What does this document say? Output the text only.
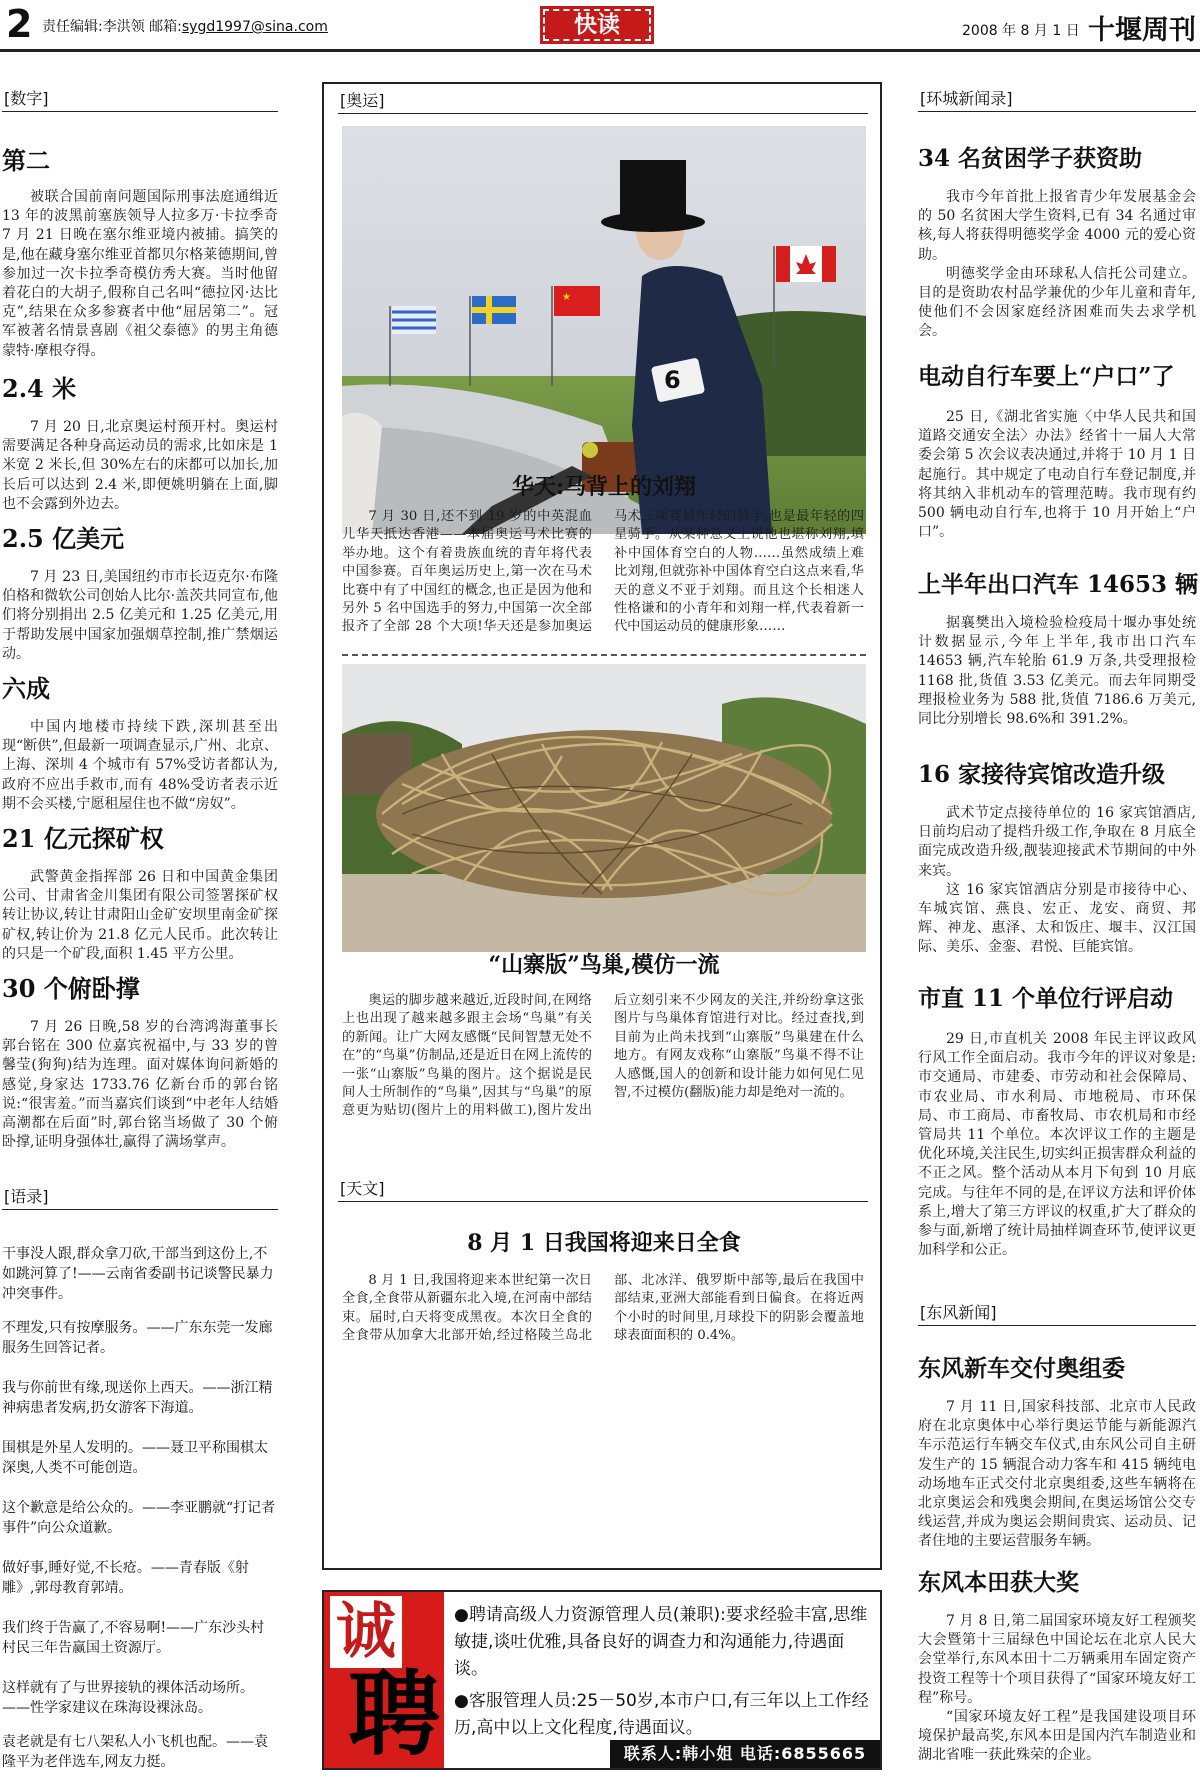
2 责任编辑:李洪领 邮箱:sygd1997@sina.com	快读	2008 年 8 月 1 日 十堰周刊
[数字]
第二
被联合国前南问题国际刑事法庭通缉近 13 年的波黑前塞族领导人拉多万·卡拉季奇 7 月 21 日晚在塞尔维亚境内被捕。搞笑的是,他在藏身塞尔维亚首都贝尔格莱德期间,曾参加过一次卡拉季奇模仿秀大赛。当时他留着花白的大胡子,假称自己名叫“德拉冈·达比克”,结果在众多参赛者中他“屈居第二”。冠军被著名情景喜剧《祖父泰德》的男主角德蒙特·摩根夺得。
2.4 米
7 月 20 日,北京奥运村预开村。奥运村需要满足各种身高运动员的需求,比如床是 1 米宽 2 米长,但 30%左右的床都可以加长,加长后可以达到 2.4 米,即便姚明躺在上面,脚也不会露到外边去。
2.5 亿美元
7 月 23 日,美国纽约市市长迈克尔·布隆伯格和微软公司创始人比尔·盖茨共同宣布,他们将分别捐出 2.5 亿美元和 1.25 亿美元,用于帮助发展中国家加强烟草控制,推广禁烟运动。
六成
中国内地楼市持续下跌,深圳甚至出现“断供”,但最新一项调查显示,广州、北京、上海、深圳 4 个城市有 57%受访者都认为,政府不应出手救市,而有 48%受访者表示近期不会买楼,宁愿租屋住也不做“房奴”。
21 亿元探矿权
武警黄金指挥部 26 日和中国黄金集团公司、甘肃省金川集团有限公司签署探矿权转让协议,转让甘肃阳山金矿安坝里南金矿探矿权,转让价为 21.8 亿元人民币。此次转让的只是一个矿段,面积 1.45 平方公里。
30 个俯卧撑
7 月 26 日晚,58 岁的台湾鸿海董事长郭台铭在 300 位嘉宾祝福中,与 33 岁的曾馨莹(狗狗)结为连理。面对媒体询问新婚的感觉,身家达 1733.76 亿新台币的郭台铭说:“很害羞。”而当嘉宾们谈到“中老年人结婚高潮都在后面”时,郭台铭当场做了 30 个俯卧撑,证明身强体壮,赢得了满场掌声。
[语录]
干事没人跟,群众拿刀砍,干部当到这份上,不如跳河算了!——云南省委副书记谈警民暴力冲突事件。
不理发,只有按摩服务。——广东东莞一发廊服务生回答记者。
我与你前世有缘,现送你上西天。——浙江精神病患者发病,扔女游客下海道。
围棋是外星人发明的。——聂卫平称围棋太深奥,人类不可能创造。
这个歉意是给公众的。——李亚鹏就“打记者事件”向公众道歉。
做好事,睡好觉,不长疮。——青春版《射雕》,郭母教育郭靖。
我们终于告赢了,不容易啊!——广东沙头村村民三年告赢国土资源厅。
这样就有了与世界接轨的裸体活动场所。——性学家建议在珠海设裸泳岛。
袁老就是有七八架私人小飞机也配。——袁隆平为老伴选车,网友力挺。
[奥运]
★
6
华天:马背上的刘翔
7 月 30 日,还不到 19 岁的中英混血儿华天抵达香港——本届奥运马术比赛的举办地。这个有着贵族血统的青年将代表中国参赛。百年奥运历史上,第一次在马术比赛中有了中国红的概念,也正是因为他和另外 5 名中国选手的努力,中国第一次全部报齐了全部 28 个大项!华天还是参加奥运马术三项赛最年轻的骑手,也是最年轻的四星骑手。从某种意义上说他也堪称刘翔,填补中国体育空白的人物……虽然成绩上难比刘翔,但就弥补中国体育空白这点来看,华天的意义不亚于刘翔。而且这个长相迷人性格谦和的小青年和刘翔一样,代表着新一代中国运动员的健康形象……
“山寨版”鸟巢,模仿一流
奥运的脚步越来越近,近段时间,在网络上也出现了越来越多跟主会场“鸟巢”有关的新闻。让广大网友感慨“民间智慧无处不在”的“鸟巢”仿制品,还是近日在网上流传的一张“山寨版”鸟巢的图片。这个据说是民间人士所制作的“鸟巢”,因其与“鸟巢”的原意更为贴切(图片上的用料做工),图片发出后立刻引来不少网友的关注,并纷纷拿这张图片与鸟巢体育馆进行对比。经过查找,到目前为止尚未找到“山寨版”鸟巢建在什么地方。有网友戏称“山寨版”鸟巢不得不让人感慨,国人的创新和设计能力如何见仁见智,不过模仿(翻版)能力却是绝对一流的。
[天文]
8 月 1 日我国将迎来日全食
8 月 1 日,我国将迎来本世纪第一次日全食,全食带从新疆东北入境,在河南中部结束。届时,白天将变成黑夜。本次日全食的全食带从加拿大北部开始,经过格陵兰岛北部、北冰洋、俄罗斯中部等,最后在我国中部结束,亚洲大部能看到日偏食。在将近两个小时的时间里,月球投下的阴影会覆盖地球表面面积的 0.4%。
诚
聘
●聘请高级人力资源管理人员(兼职):要求经验丰富,思维敏捷,谈吐优雅,具备良好的调查力和沟通能力,待遇面谈。
●客服管理人员:25－50岁,本市户口,有三年以上工作经历,高中以上文化程度,待遇面议。
联系人:韩小姐 电话:6855665
[环城新闻录]
34 名贫困学子获资助

我市今年首批上报省青少年发展基金会的 50 名贫困大学生资料,已有 34 名通过审核,每人将获得明德奖学金 4000 元的爱心资助。

明德奖学金由环球私人信托公司建立。目的是资助农村品学兼优的少年儿童和青年,使他们不会因家庭经济困难而失去求学机会。

电动自行车要上“户口”了

25 日,《湖北省实施〈中华人民共和国道路交通安全法〉办法》经省十一届人大常委会第 5 次会议表决通过,并将于 10 月 1 日起施行。其中规定了电动自行车登记制度,并将其纳入非机动车的管理范畴。我市现有约 500 辆电动自行车,也将于 10 月开始上“户口”。

上半年出口汽车 14653 辆

据襄樊出入境检验检疫局十堰办事处统计数据显示,今年上半年,我市出口汽车 14653 辆,汽车轮胎 61.9 万条,共受理报检 1168 批,货值 3.53 亿美元。而去年同期受理报检业务为 588 批,货值 7186.6 万美元,同比分别增长 98.6%和 391.2%。

16 家接待宾馆改造升级

武术节定点接待单位的 16 家宾馆酒店,日前均启动了提档升级工作,争取在 8 月底全面完成改造升级,靓装迎接武术节期间的中外来宾。

这 16 家宾馆酒店分别是市接待中心、车城宾馆、燕良、宏正、龙安、商贸、邦辉、神龙、惠泽、太和饭庄、堰丰、汉江国际、美乐、金銮、君悦、巨能宾馆。

市直 11 个单位行评启动

29 日,市直机关 2008 年民主评议政风行风工作全面启动。我市今年的评议对象是:市交通局、市建委、市劳动和社会保障局、市农业局、市水利局、市地税局、市环保局、市工商局、市畜牧局、市农机局和市经管局共 11 个单位。本次评议工作的主题是优化环境,关注民生,切实纠正损害群众利益的不正之风。整个活动从本月下旬到 10 月底完成。与往年不同的是,在评议方法和评价体系上,增大了第三方评议的权重,扩大了群众的参与面,新增了统计局抽样调查环节,使评议更加科学和公正。

[东风新闻]
东风新车交付奥组委

7 月 11 日,国家科技部、北京市人民政府在北京奥体中心举行奥运节能与新能源汽车示范运行车辆交车仪式,由东风公司自主研发生产的 15 辆混合动力客车和 415 辆纯电动场地车正式交付北京奥组委,这些车辆将在北京奥运会和残奥会期间,在奥运场馆公交专线运营,并成为奥运会期间贵宾、运动员、记者住地的主要运营服务车辆。

东风本田获大奖

7 月 8 日,第二届国家环境友好工程颁奖大会暨第十三届绿色中国论坛在北京人民大会堂举行,东风本田十二万辆乘用车固定资产投资工程等十个项目获得了“国家环境友好工程”称号。

“国家环境友好工程”是我国建设项目环境保护最高奖,东风本田是国内汽车制造业和湖北省唯一获此殊荣的企业。
